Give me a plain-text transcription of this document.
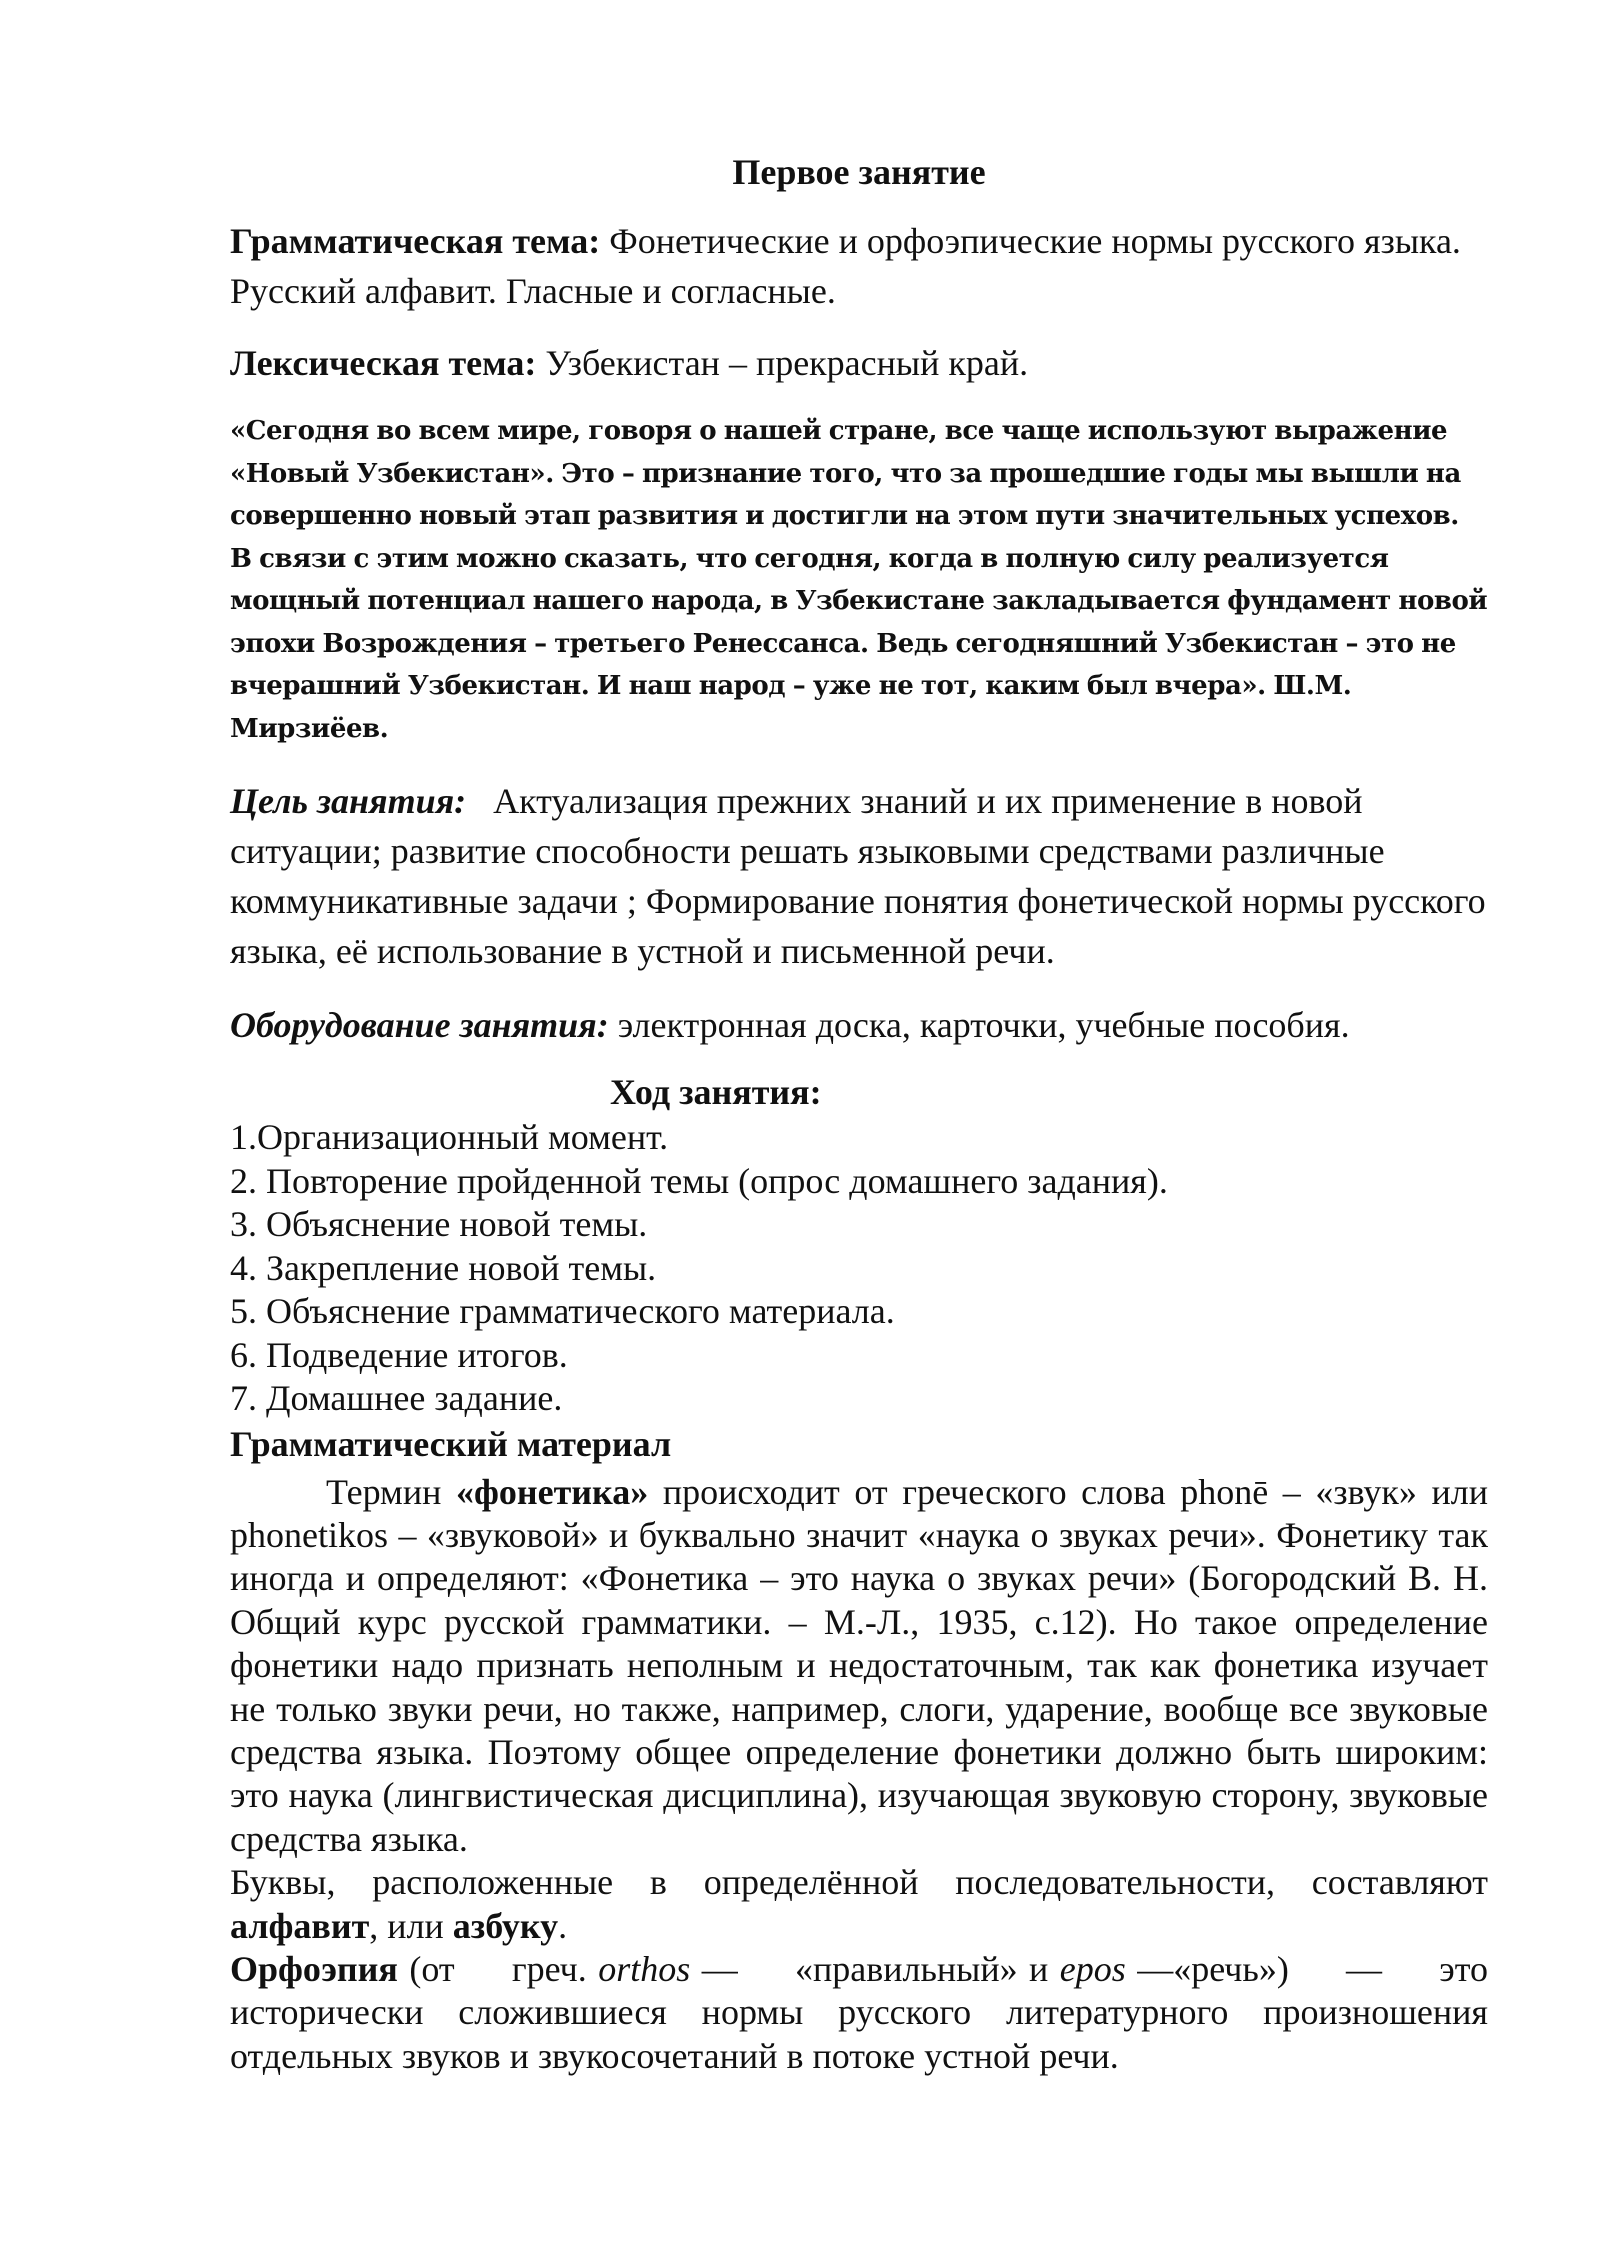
Первое занятие

Грамматическая тема: Фонетические и орфоэпические нормы русского языка. Русский алфавит. Гласные и согласные.

Лексическая тема: Узбекистан – прекрасный край.

«Сегодня во всем мире, говоря о нашей стране, все чаще используют выражение «Новый Узбекистан». Это – признание того, что за прошедшие годы мы вышли на совершенно новый этап развития и достигли на этом пути значительных успехов. В связи с этим можно сказать, что сегодня, когда в полную силу реализуется мощный потенциал нашего народа, в Узбекистане закладывается фундамент новой эпохи Возрождения – третьего Ренессанса. Ведь сегодняшний Узбекистан – это не вчерашний Узбекистан. И наш народ – уже не тот, каким был вчера». Ш.М. Мирзиёев.

Цель занятия: Актуализация прежних знаний и их применение в новой ситуации; развитие способности решать языковыми средствами различные коммуникативные задачи ; Формирование понятия фонетической нормы русского языка, её использование в устной и письменной речи.

Оборудование занятия: электронная доска, карточки, учебные пособия.

Ход занятия:
1.Организационный момент.
2. Повторение пройденной темы (опрос домашнего задания).
3. Объяснение новой темы.
4. Закрепление новой темы.
5. Объяснение грамматического материала.
6. Подведение итогов.
7. Домашнее задание.
Грамматический материал

Термин «фонетика» происходит от греческого слова phonē – «звук» или phonetikos – «звуковой» и буквально значит «наука о звуках речи». Фонетику так иногда и определяют: «Фонетика – это наука о звуках речи» (Богородский В. Н. Общий курс русской грамматики. – М.-Л., 1935, с.12). Но такое определение фонетики надо признать неполным и недостаточным, так как фонетика изучает не только звуки речи, но также, например, слоги, ударение, вообще все звуковые средства языка. Поэтому общее определение фонетики должно быть широким: это наука (лингвистическая дисциплина), изучающая звуковую сторону, звуковые средства языка.

Буквы, расположенные в определённой последовательности, составляют алфавит, или азбуку.

Орфоэпия (от     греч. orthos —     «правильный» и epos —«речь»)     —     это исторически сложившиеся нормы русского литературного произношения отдельных звуков и звукосочетаний в потоке устной речи.
